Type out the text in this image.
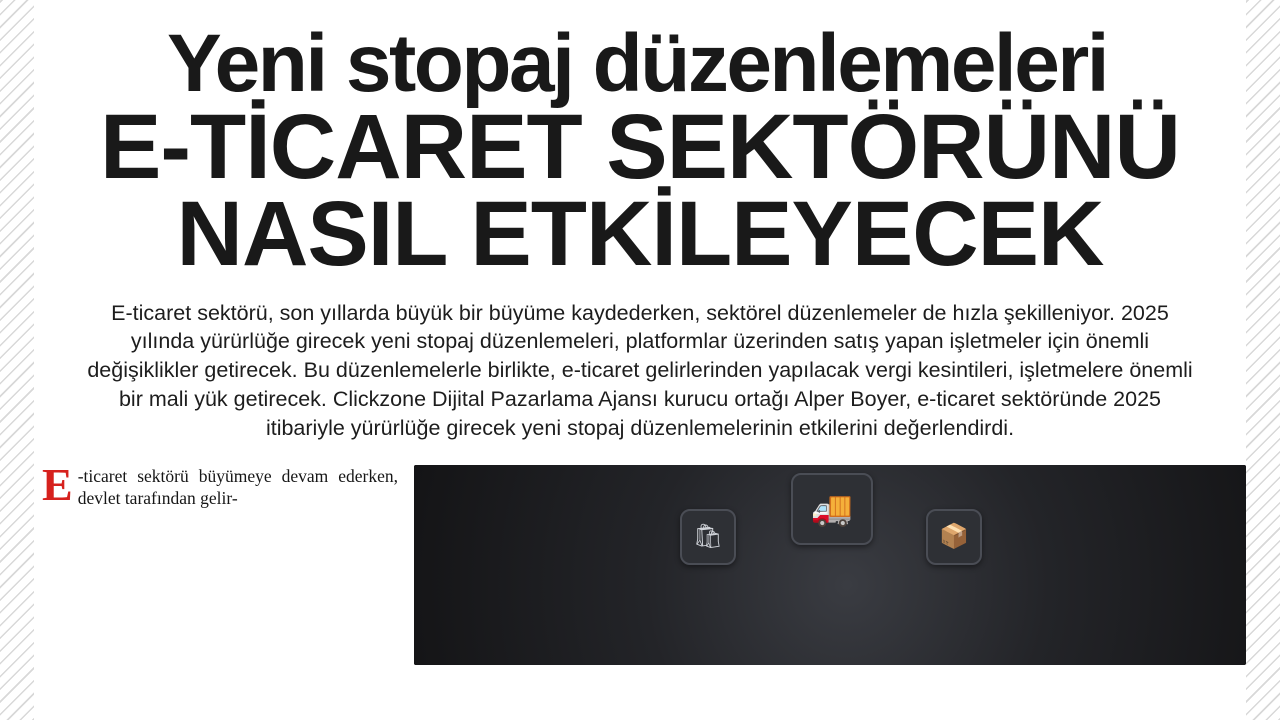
Yeni stopaj düzenlemeleri
E-TİCARET SEKTÖRÜNÜ
NASIL ETKİLEYECEK

E-ticaret sektörü, son yıllarda büyük bir büyüme kaydederken, sektörel düzenlemeler de hızla şekilleniyor. 2025 yılında yürürlüğe girecek yeni stopaj düzenlemeleri, platformlar üzerinden satış yapan işletmeler için önemli değişiklikler getirecek. Bu düzenlemelerle birlikte, e-ticaret gelirlerinden yapılacak vergi kesintileri, işletmelere önemli bir mali yük getirecek. Clickzone Dijital Pazarlama Ajansı kurucu ortağı Alper Boyer, e-ticaret sektöründe 2025 itibariyle yürürlüğe girecek yeni stopaj düzenlemelerinin etkilerini değerlendirdi.

E -ticaret sektörü büyümeye devam ederken, devlet tarafından gelir-
🛍
🚚
📦
